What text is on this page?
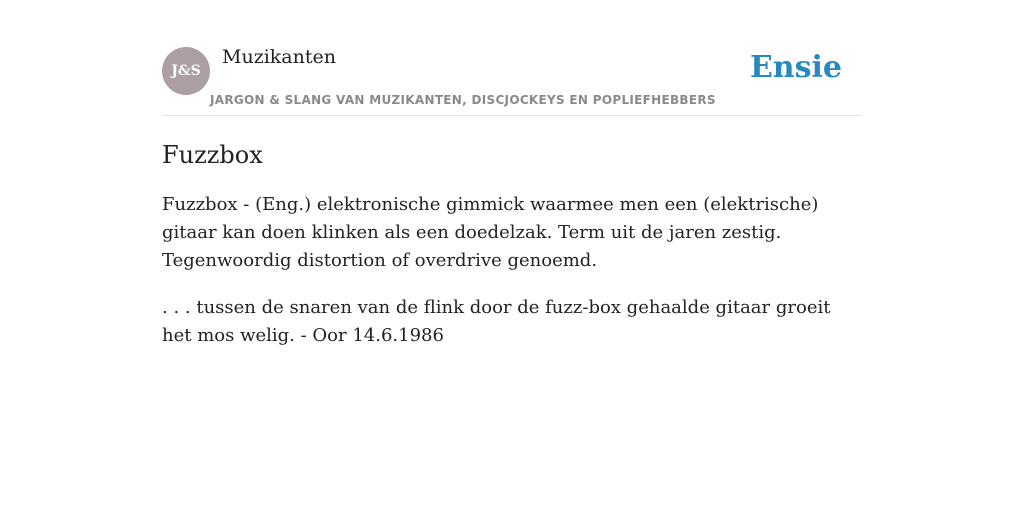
J&S
Muzikanten
JARGON & SLANG VAN MUZIKANTEN, DISCJOCKEYS EN POPLIEFHEBBERS
Ensie
Fuzzbox

Fuzzbox - (Eng.) elektronische gimmick waarmee men een (elektrische) gitaar kan doen klinken als een doedelzak. Term uit de jaren zestig. Tegenwoordig distortion of overdrive genoemd.

. . . tussen de snaren van de flink door de fuzz-box gehaalde gitaar groeit het mos welig. - Oor 14.6.1986
